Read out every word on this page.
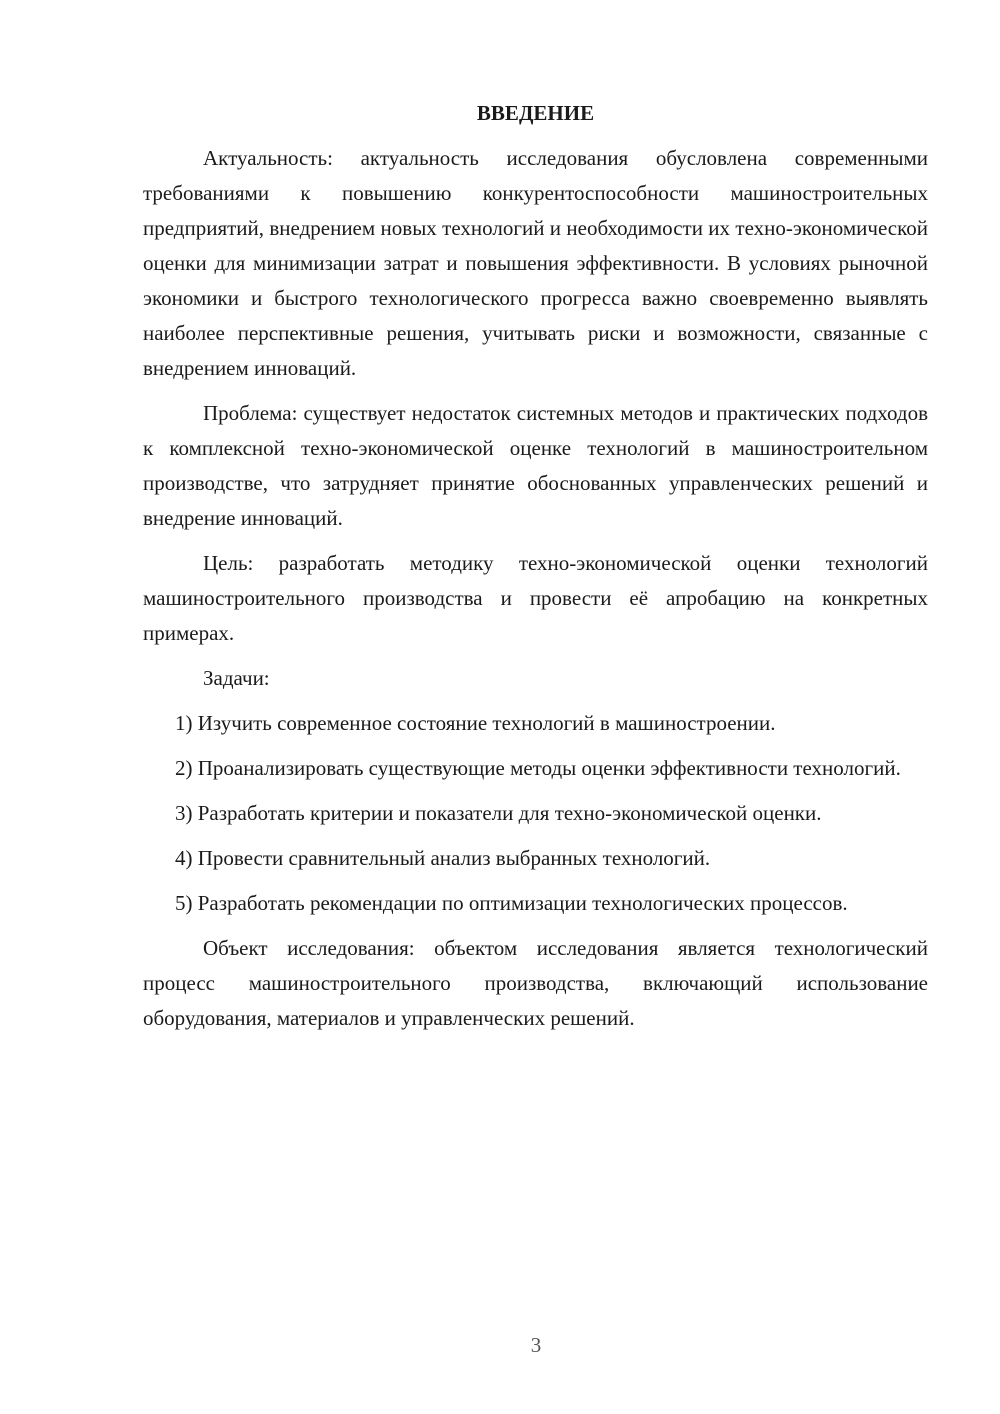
ВВЕДЕНИЕ

Актуальность: актуальность исследования обусловлена современными требованиями к повышению конкурентоспособности машиностроительных предприятий, внедрением новых технологий и необходимости их техно-экономической оценки для минимизации затрат и повышения эффективности. В условиях рыночной экономики и быстрого технологического прогресса важно своевременно выявлять наиболее перспективные решения, учитывать риски и возможности, связанные с внедрением инноваций.

Проблема: существует недостаток системных методов и практических подходов к комплексной техно-экономической оценке технологий в машиностроительном производстве, что затрудняет принятие обоснованных управленческих решений и внедрение инноваций.

Цель: разработать методику техно-экономической оценки технологий машиностроительного производства и провести её апробацию на конкретных примерах.

Задачи:

1) Изучить современное состояние технологий в машиностроении.

2) Проанализировать существующие методы оценки эффективности технологий.

3) Разработать критерии и показатели для техно-экономической оценки.

4) Провести сравнительный анализ выбранных технологий.

5) Разработать рекомендации по оптимизации технологических процессов.

Объект исследования: объектом исследования является технологический процесс машиностроительного производства, включающий использование оборудования, материалов и управленческих решений.

3
